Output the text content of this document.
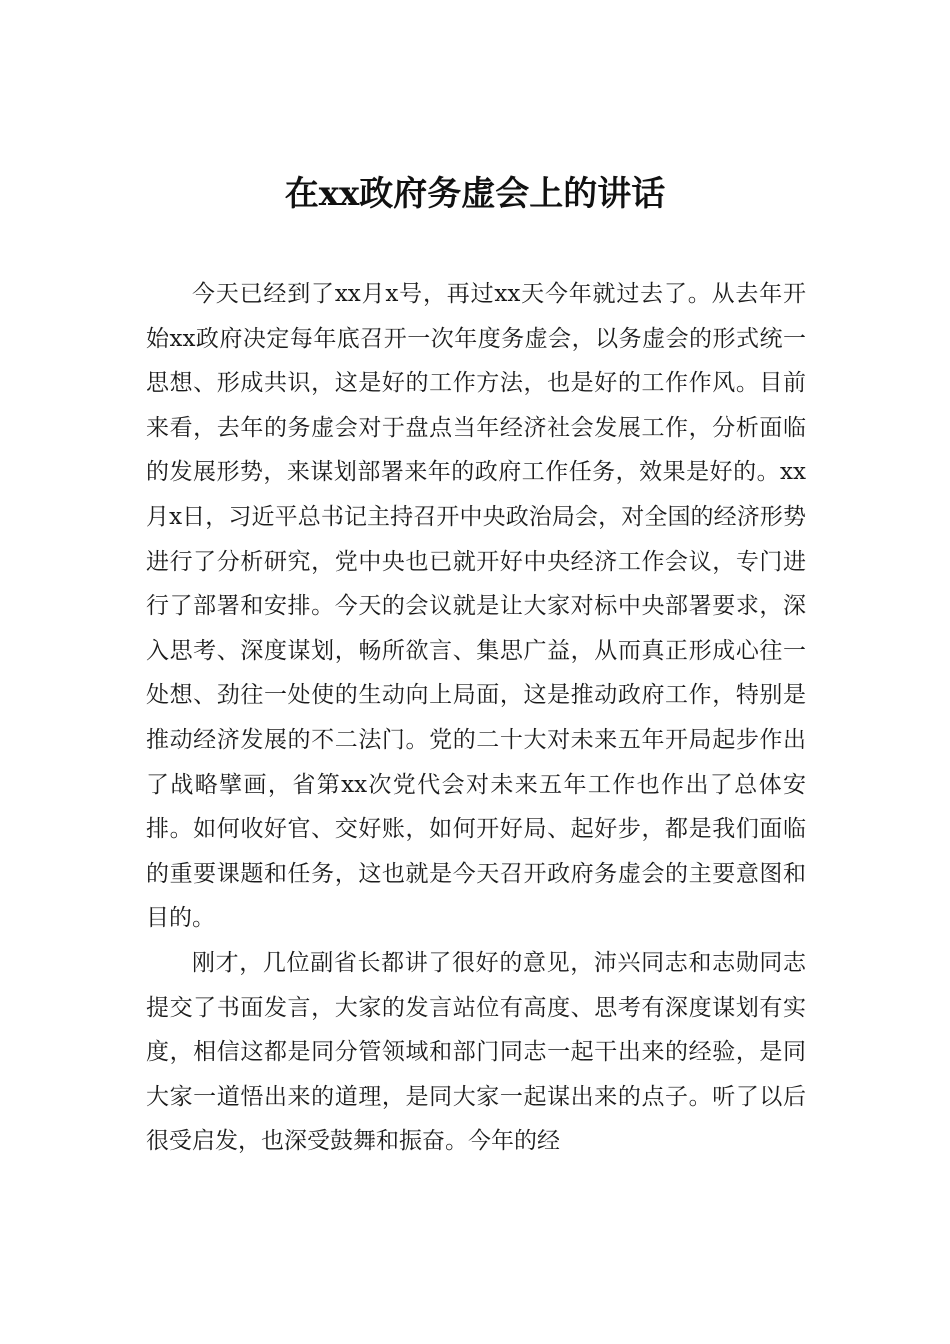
在xx政府务虚会上的讲话

今天已经到了xx月x号，再过xx天今年就过去了。从去年开始xx政府决定每年底召开一次年度务虚会，以务虚会的形式统一思想、形成共识，这是好的工作方法，也是好的工作作风。目前来看，去年的务虚会对于盘点当年经济社会发展工作，分析面临的发展形势，来谋划部署来年的政府工作任务，效果是好的。xx月x日，习近平总书记主持召开中央政治局会，对全国的经济形势进行了分析研究，党中央也已就开好中央经济工作会议，专门进行了部署和安排。今天的会议就是让大家对标中央部署要求，深入思考、深度谋划，畅所欲言、集思广益，从而真正形成心往一处想、劲往一处使的生动向上局面，这是推动政府工作，特别是推动经济发展的不二法门。党的二十大对未来五年开局起步作出了战略擘画，省第xx次党代会对未来五年工作也作出了总体安排。如何收好官、交好账，如何开好局、起好步，都是我们面临的重要课题和任务，这也就是今天召开政府务虚会的主要意图和目的。

刚才，几位副省长都讲了很好的意见，沛兴同志和志勋同志提交了书面发言，大家的发言站位有高度、思考有深度谋划有实度，相信这都是同分管领域和部门同志一起干出来的经验，是同大家一道悟出来的道理，是同大家一起谋出来的点子。听了以后很受启发，也深受鼓舞和振奋。今年的经
